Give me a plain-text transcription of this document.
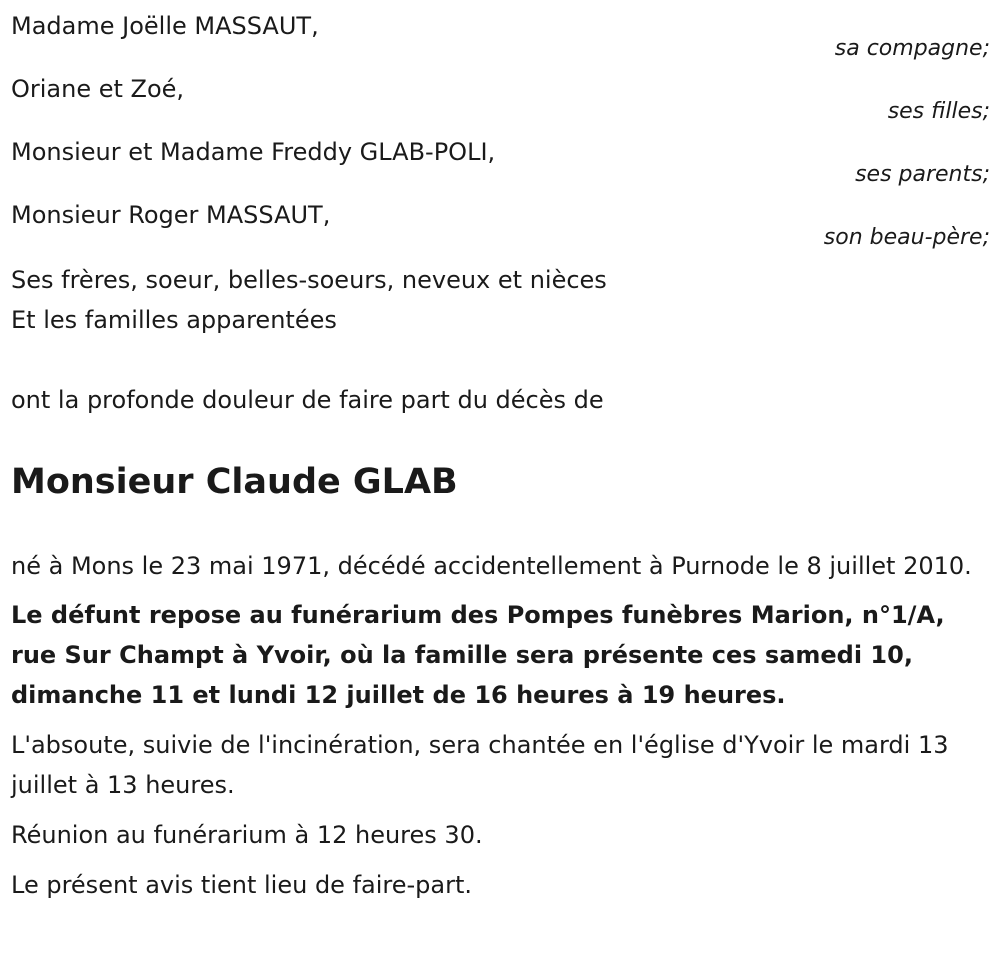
Madame Joëlle MASSAUT,
sa compagne;
Oriane et Zoé,
ses filles;
Monsieur et Madame Freddy GLAB-POLI,
ses parents;
Monsieur Roger MASSAUT,
son beau-père;
Ses frères, soeur, belles-soeurs, neveux et nièces
Et les familles apparentées
ont la profonde douleur de faire part du décès de
Monsieur Claude GLAB

né à Mons le 23 mai 1971, décédé accidentellement à Purnode le 8 juillet 2010.

Le défunt repose au funérarium des Pompes funèbres Marion, n°1/A, rue Sur Champt à Yvoir, où la famille sera présente ces samedi 10, dimanche 11 et lundi 12 juillet de 16 heures à 19 heures.

L'absoute, suivie de l'incinération, sera chantée en l'église d'Yvoir le mardi 13 juillet à 13 heures.

Réunion au funérarium à 12 heures 30.

Le présent avis tient lieu de faire-part.
